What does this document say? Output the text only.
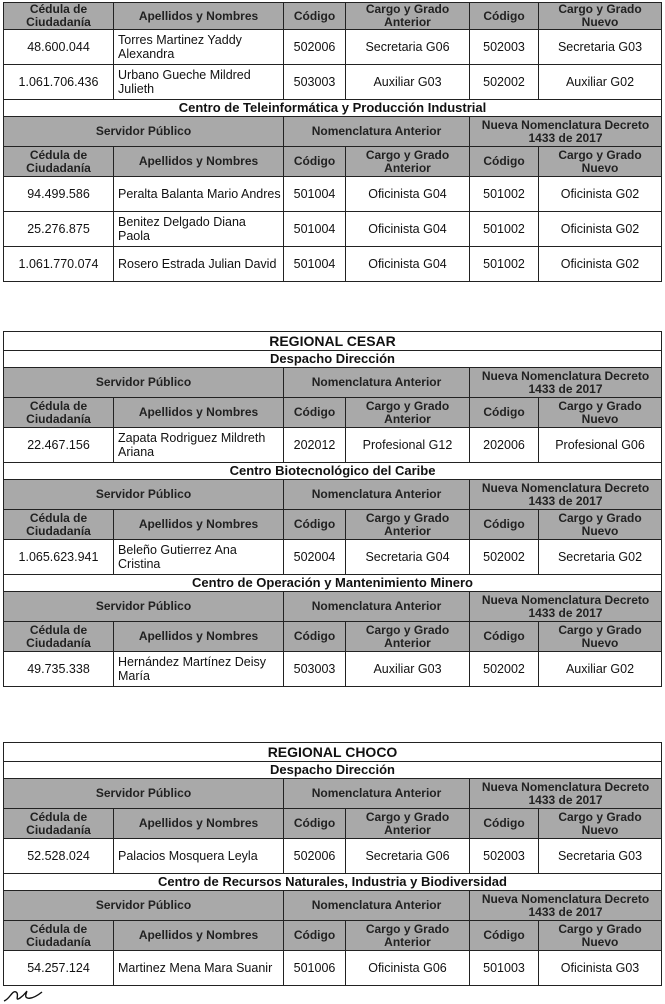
Cédula de Ciudadanía	Apellidos y Nombres	Código	Cargo y Grado Anterior	Código	Cargo y Grado Nuevo
48.600.044	Torres Martinez Yaddy Alexandra	502006	Secretaria G06	502003	Secretaria G03
1.061.706.436	Urbano Gueche Mildred Julieth	503003	Auxiliar G03	502002	Auxiliar G02
Centro de Teleinformática y Producción Industrial					
Servidor Público		Nomenclatura Anterior		Nueva Nomenclatura Decreto 1433 de 2017	
Cédula de Ciudadanía	Apellidos y Nombres	Código	Cargo y Grado Anterior	Código	Cargo y Grado Nuevo
94.499.586	Peralta Balanta Mario Andres	501004	Oficinista G04	501002	Oficinista G02
25.276.875	Benitez Delgado Diana Paola	501004	Oficinista G04	501002	Oficinista G02
1.061.770.074	Rosero Estrada Julian David	501004	Oficinista G04	501002	Oficinista G02
REGIONAL CESAR					
Despacho Dirección					
Servidor Público		Nomenclatura Anterior		Nueva Nomenclatura Decreto 1433 de 2017	
Cédula de Ciudadanía	Apellidos y Nombres	Código	Cargo y Grado Anterior	Código	Cargo y Grado Nuevo
22.467.156	Zapata Rodriguez Mildreth Ariana	202012	Profesional G12	202006	Profesional G06
Centro Biotecnológico del Caribe					
Servidor Público		Nomenclatura Anterior		Nueva Nomenclatura Decreto 1433 de 2017	
Cédula de Ciudadanía	Apellidos y Nombres	Código	Cargo y Grado Anterior	Código	Cargo y Grado Nuevo
1.065.623.941	Beleño Gutierrez Ana Cristina	502004	Secretaria G04	502002	Secretaria G02
Centro de Operación y Mantenimiento Minero					
Servidor Público		Nomenclatura Anterior		Nueva Nomenclatura Decreto 1433 de 2017	
Cédula de Ciudadanía	Apellidos y Nombres	Código	Cargo y Grado Anterior	Código	Cargo y Grado Nuevo
49.735.338	Hernández Martínez Deisy María	503003	Auxiliar G03	502002	Auxiliar G02
REGIONAL CHOCO					
Despacho Dirección					
Servidor Público		Nomenclatura Anterior		Nueva Nomenclatura Decreto 1433 de 2017	
Cédula de Ciudadanía	Apellidos y Nombres	Código	Cargo y Grado Anterior	Código	Cargo y Grado Nuevo
52.528.024	Palacios Mosquera Leyla	502006	Secretaria G06	502003	Secretaria G03
Centro de Recursos Naturales, Industria y Biodiversidad					
Servidor Público		Nomenclatura Anterior		Nueva Nomenclatura Decreto 1433 de 2017	
Cédula de Ciudadanía	Apellidos y Nombres	Código	Cargo y Grado Anterior	Código	Cargo y Grado Nuevo
54.257.124	Martinez Mena Mara Suanir	501006	Oficinista G06	501003	Oficinista G03
